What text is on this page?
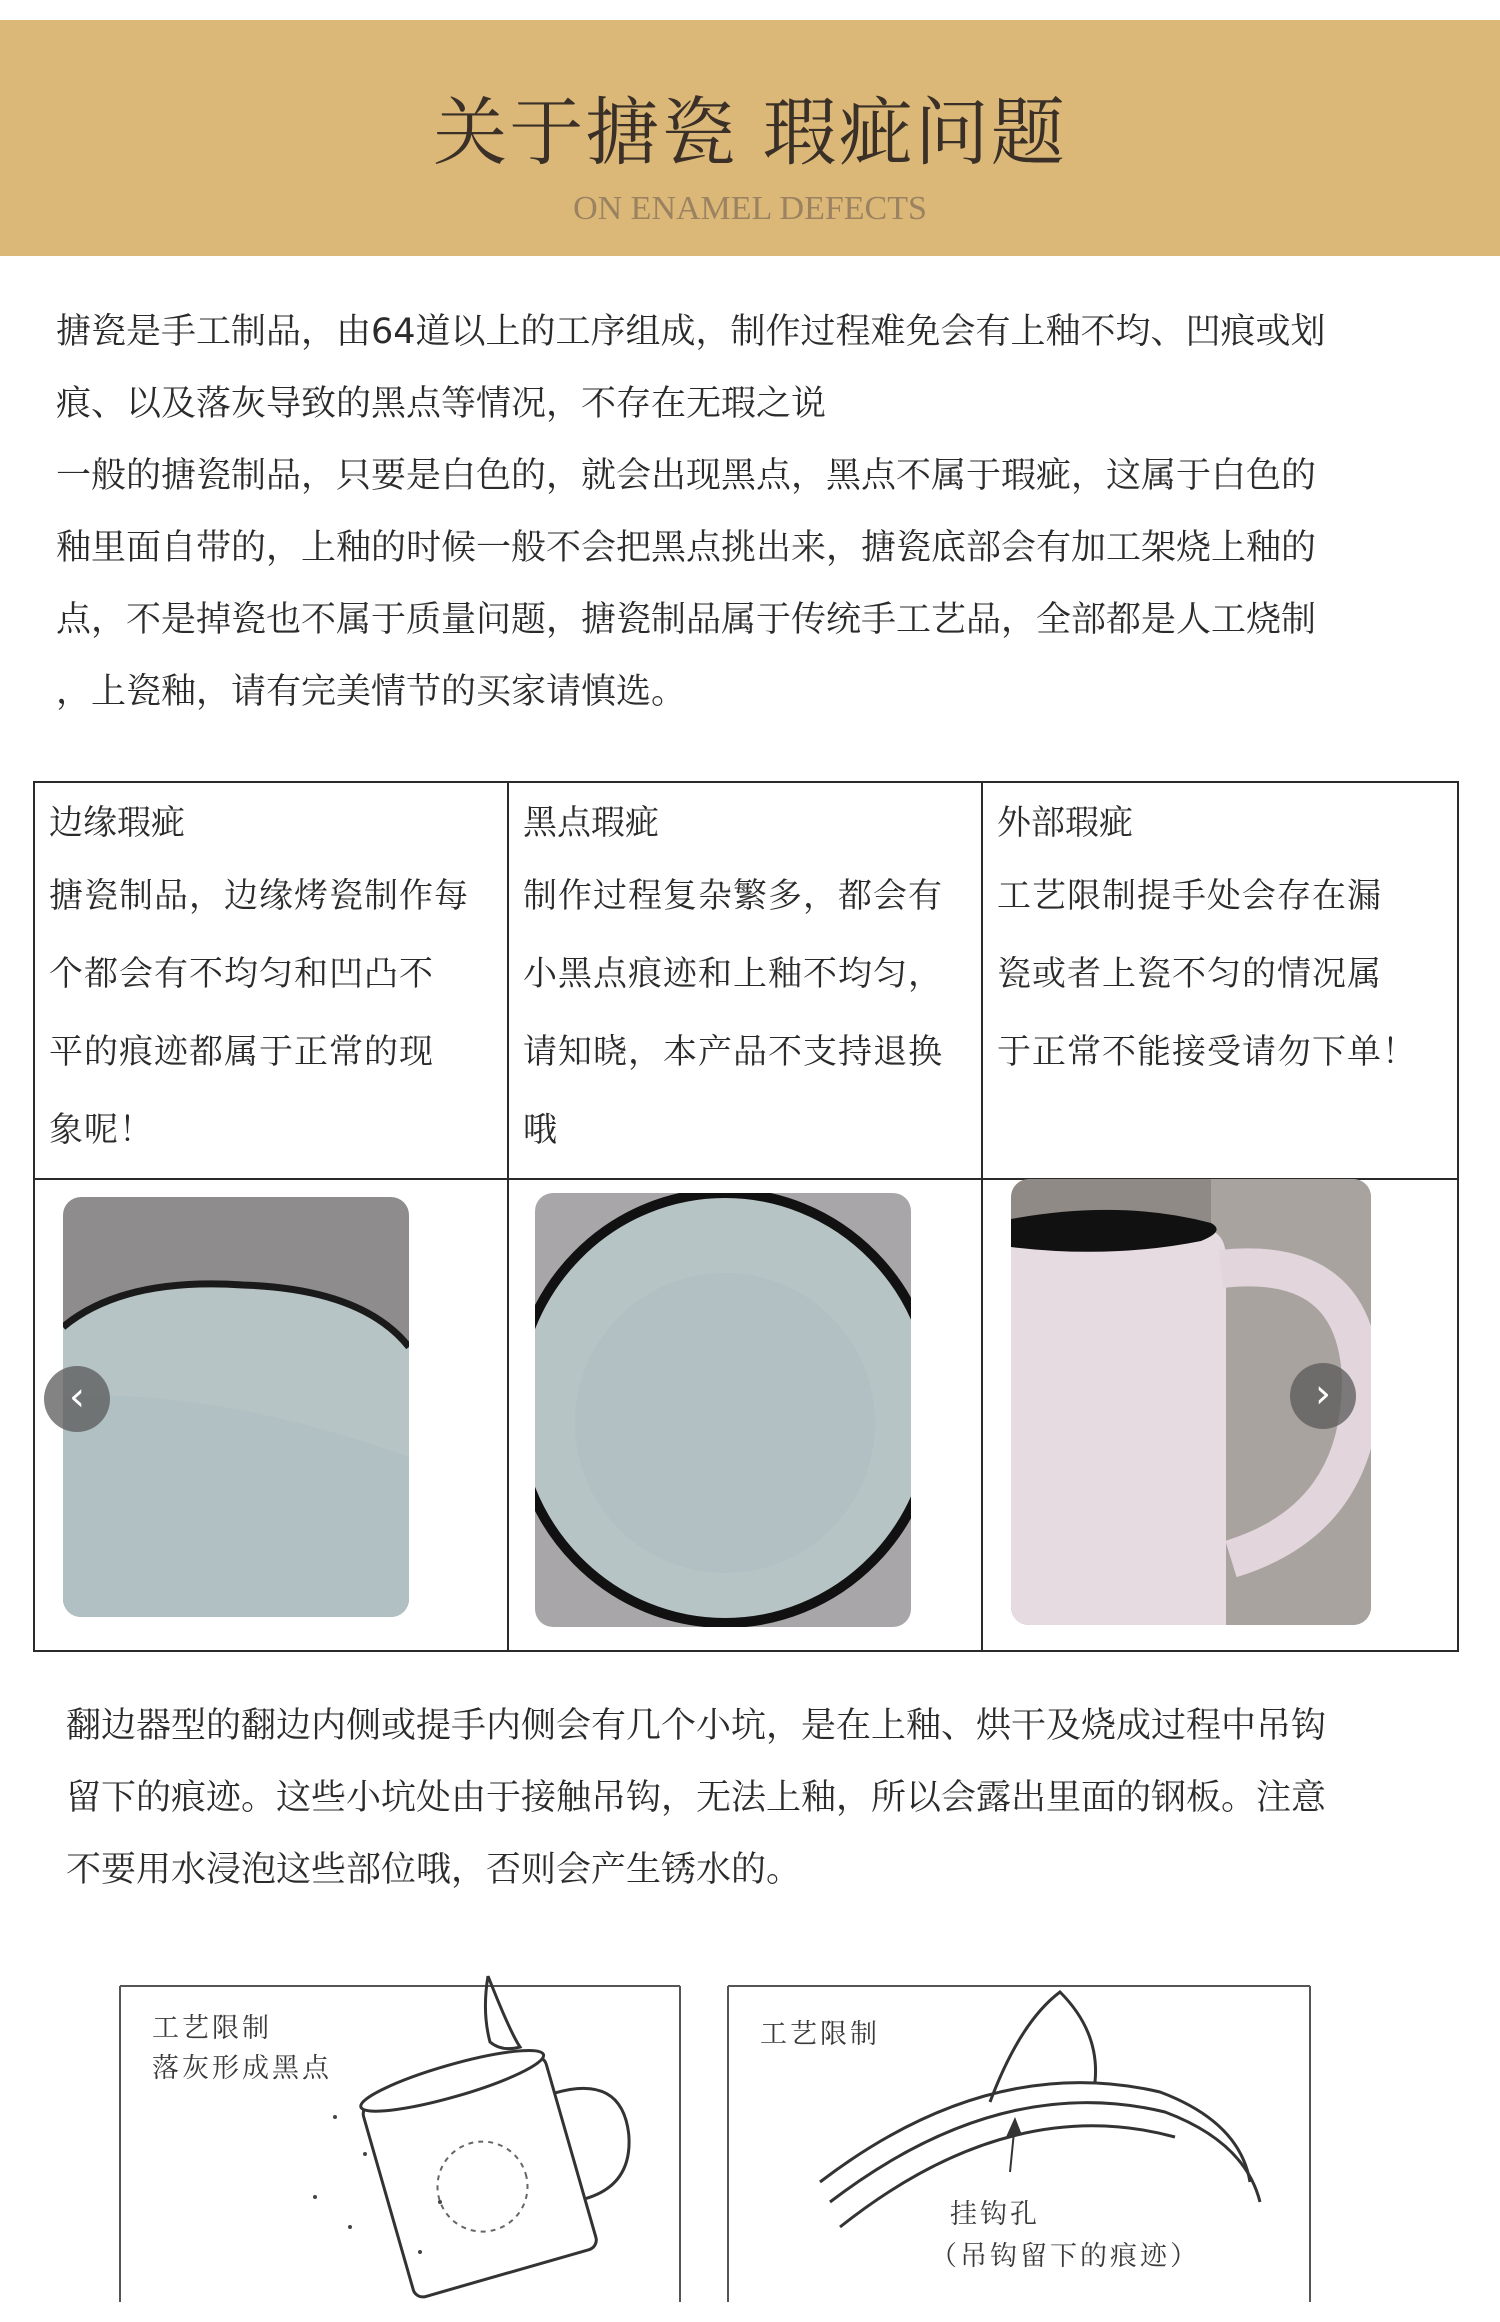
关于搪瓷 瑕疵问题
ON ENAMEL DEFECTS

搪瓷是手工制品，由64道以上的工序组成，制作过程难免会有上釉不均、凹痕或划

痕、以及落灰导致的黑点等情况，不存在无瑕之说

一般的搪瓷制品，只要是白色的，就会出现黑点，黑点不属于瑕疵，这属于白色的

釉里面自带的，上釉的时候一般不会把黑点挑出来，搪瓷底部会有加工架烧上釉的

点，不是掉瓷也不属于质量问题，搪瓷制品属于传统手工艺品，全部都是人工烧制

，上瓷釉，请有完美情节的买家请慎选。

边缘瑕疵
搪瓷制品，边缘烤瓷制作每
个都会有不均匀和凹凸不
平的痕迹都属于正常的现
象呢！
黑点瑕疵
制作过程复杂繁多，都会有
小黑点痕迹和上釉不均匀，
请知晓，本产品不支持退换
哦
外部瑕疵
工艺限制提手处会存在漏
瓷或者上瓷不匀的情况属
于正常不能接受请勿下单！
‹	›

翻边器型的翻边内侧或提手内侧会有几个小坑，是在上釉、烘干及烧成过程中吊钩

留下的痕迹。这些小坑处由于接触吊钩，无法上釉，所以会露出里面的钢板。注意

不要用水浸泡这些部位哦，否则会产生锈水的。

工艺限制
落灰形成黑点
工艺限制
挂钩孔
（吊钩留下的痕迹）
